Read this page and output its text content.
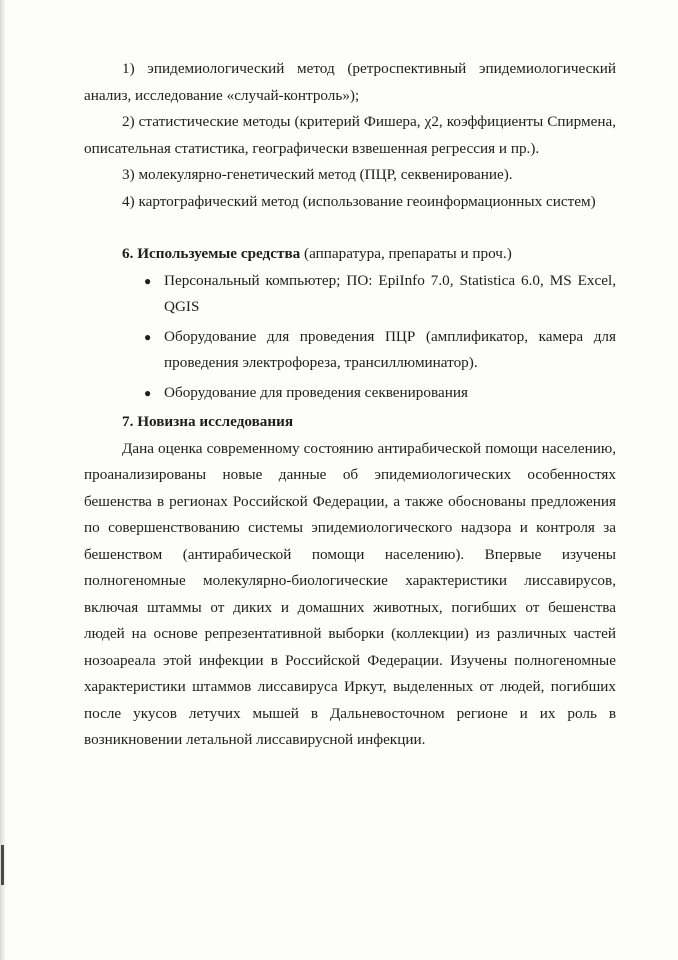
1) эпидемиологический метод (ретроспективный эпидемиологический анализ, исследование «случай-контроль»);

2) статистические методы (критерий Фишера, χ2, коэффициенты Спирмена, описательная статистика, географически взвешенная регрессия и пр.).

3) молекулярно-генетический метод (ПЦР, секвенирование).

4) картографический метод (использование геоинформационных систем)

6. Используемые средства (аппаратура, препараты и проч.)

● Персональный компьютер; ПО: EpiInfo 7.0, Statistica 6.0, MS Excel, QGIS
● Оборудование для проведения ПЦР (амплификатор, камера для проведения электрофореза, трансиллюминатор).
● Оборудование для проведения секвенирования

7. Новизна исследования

Дана оценка современному состоянию антирабической помощи населению, проанализированы новые данные об эпидемиологических особенностях бешенства в регионах Российской Федерации, а также обоснованы предложения по совершенствованию системы эпидемиологического надзора и контроля за бешенством (антирабической помощи населению). Впервые изучены полногеномные молекулярно-биологические характеристики лиссавирусов, включая штаммы от диких и домашних животных, погибших от бешенства людей на основе репрезентативной выборки (коллекции) из различных частей нозоареала этой инфекции в Российской Федерации. Изучены полногеномные характеристики штаммов лиссавируса Иркут, выделенных от людей, погибших после укусов летучих мышей в Дальневосточном регионе и их роль в возникновении летальной лиссавирусной инфекции.
